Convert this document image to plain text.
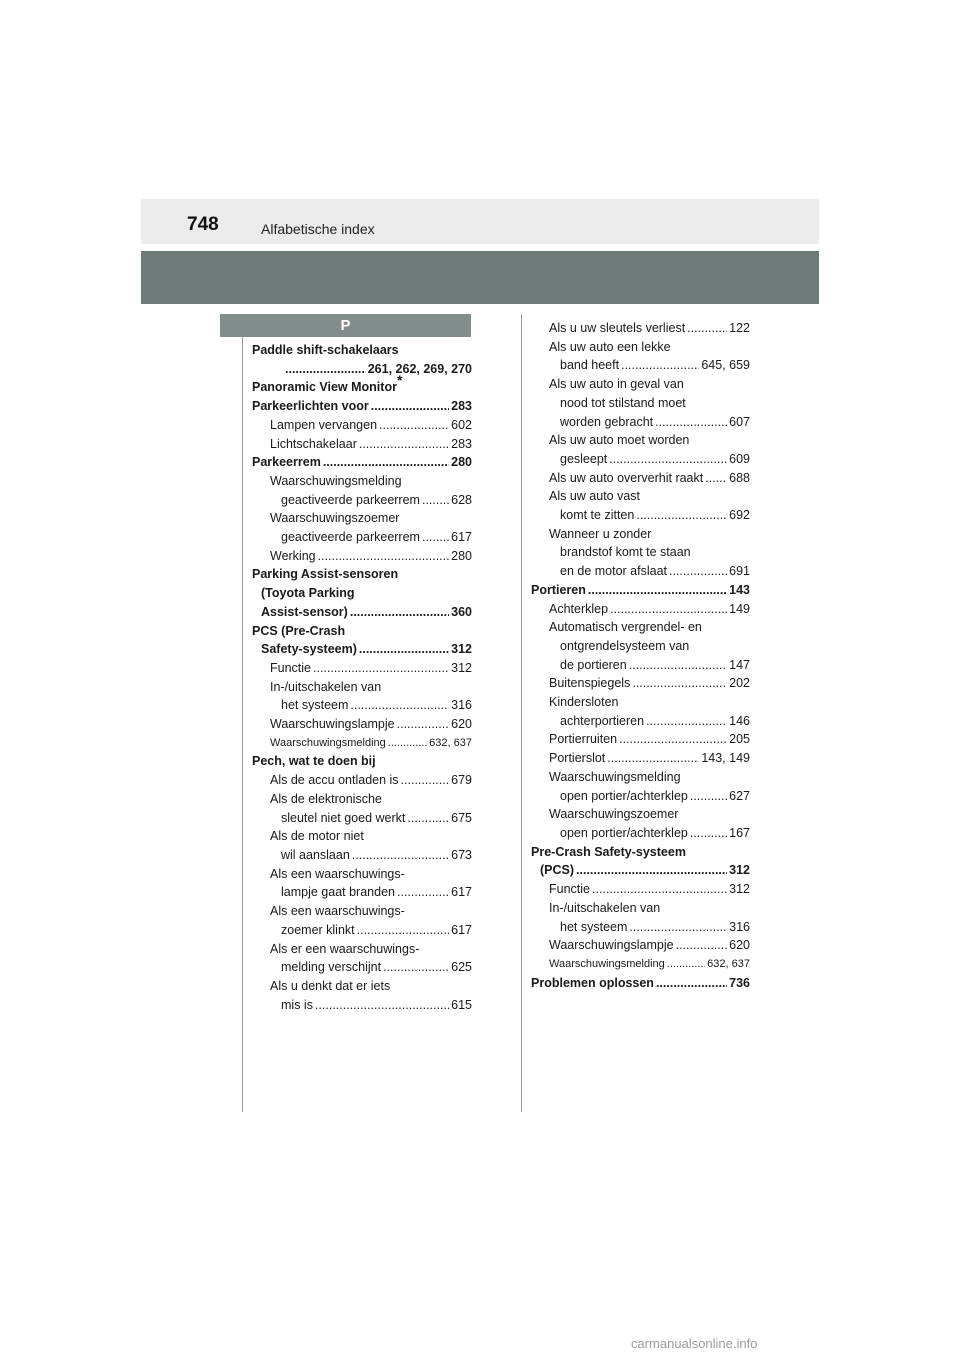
748	Alfabetische index
P
Paddle shift-schakelaars
.....
261, 262, 269, 270
Panoramic View Monitor*
Parkeerlichten voor .....	283
Lampen vervangen .....	602
Lichtschakelaar .....	283
Parkeerrem .....	280
Waarschuwingsmelding
geactiveerde parkeerrem ..... 628
Waarschuwingszoemer
geactiveerde parkeerrem ..... 617
Werking .....	280
Parking Assist-sensoren
(Toyota Parking
Assist-sensor) .....	360
PCS (Pre-Crash
Safety-systeem) .....	312
Functie .....	312
In-/uitschakelen van
het systeem .....	316
Waarschuwingslampje .....	620
Waarschuwingsmelding .....	632, 637
Pech, wat te doen bij
Als de accu ontladen is .....	679
Als de elektronische
sleutel niet goed werkt .....	675
Als de motor niet
wil aanslaan .....	673
Als een waarschuwings-
lampje gaat branden .....	617
Als een waarschuwings-
zoemer klinkt .....	617
Als er een waarschuwings-
melding verschijnt .....	625
Als u denkt dat er iets
mis is .....	615
Als u uw sleutels verliest .....	122
Als uw auto een lekke
band heeft .....	645, 659
Als uw auto in geval van
nood tot stilstand moet
worden gebracht .....	607
Als uw auto moet worden
gesleept .....	609
Als uw auto oververhit raakt ..... 688
Als uw auto vast
komt te zitten .....	692
Wanneer u zonder
brandstof komt te staan
en de motor afslaat .....	691
Portieren .....	143
Achterklep .....	149
Automatisch vergrendel- en
ontgrendelsysteem van
de portieren .....	147
Buitenspiegels .....	202
Kindersloten
achterportieren .....	146
Portierruiten .....	205
Portierslot .....	143, 149
Waarschuwingsmelding
open portier/achterklep .....	627
Waarschuwingszoemer
open portier/achterklep .....	167
Pre-Crash Safety-systeem
(PCS) .....	312
Functie .....	312
In-/uitschakelen van
het systeem .....	316
Waarschuwingslampje .....	620
Waarschuwingsmelding .....	632, 637
Problemen oplossen .....	736
carmanualsonline.info
